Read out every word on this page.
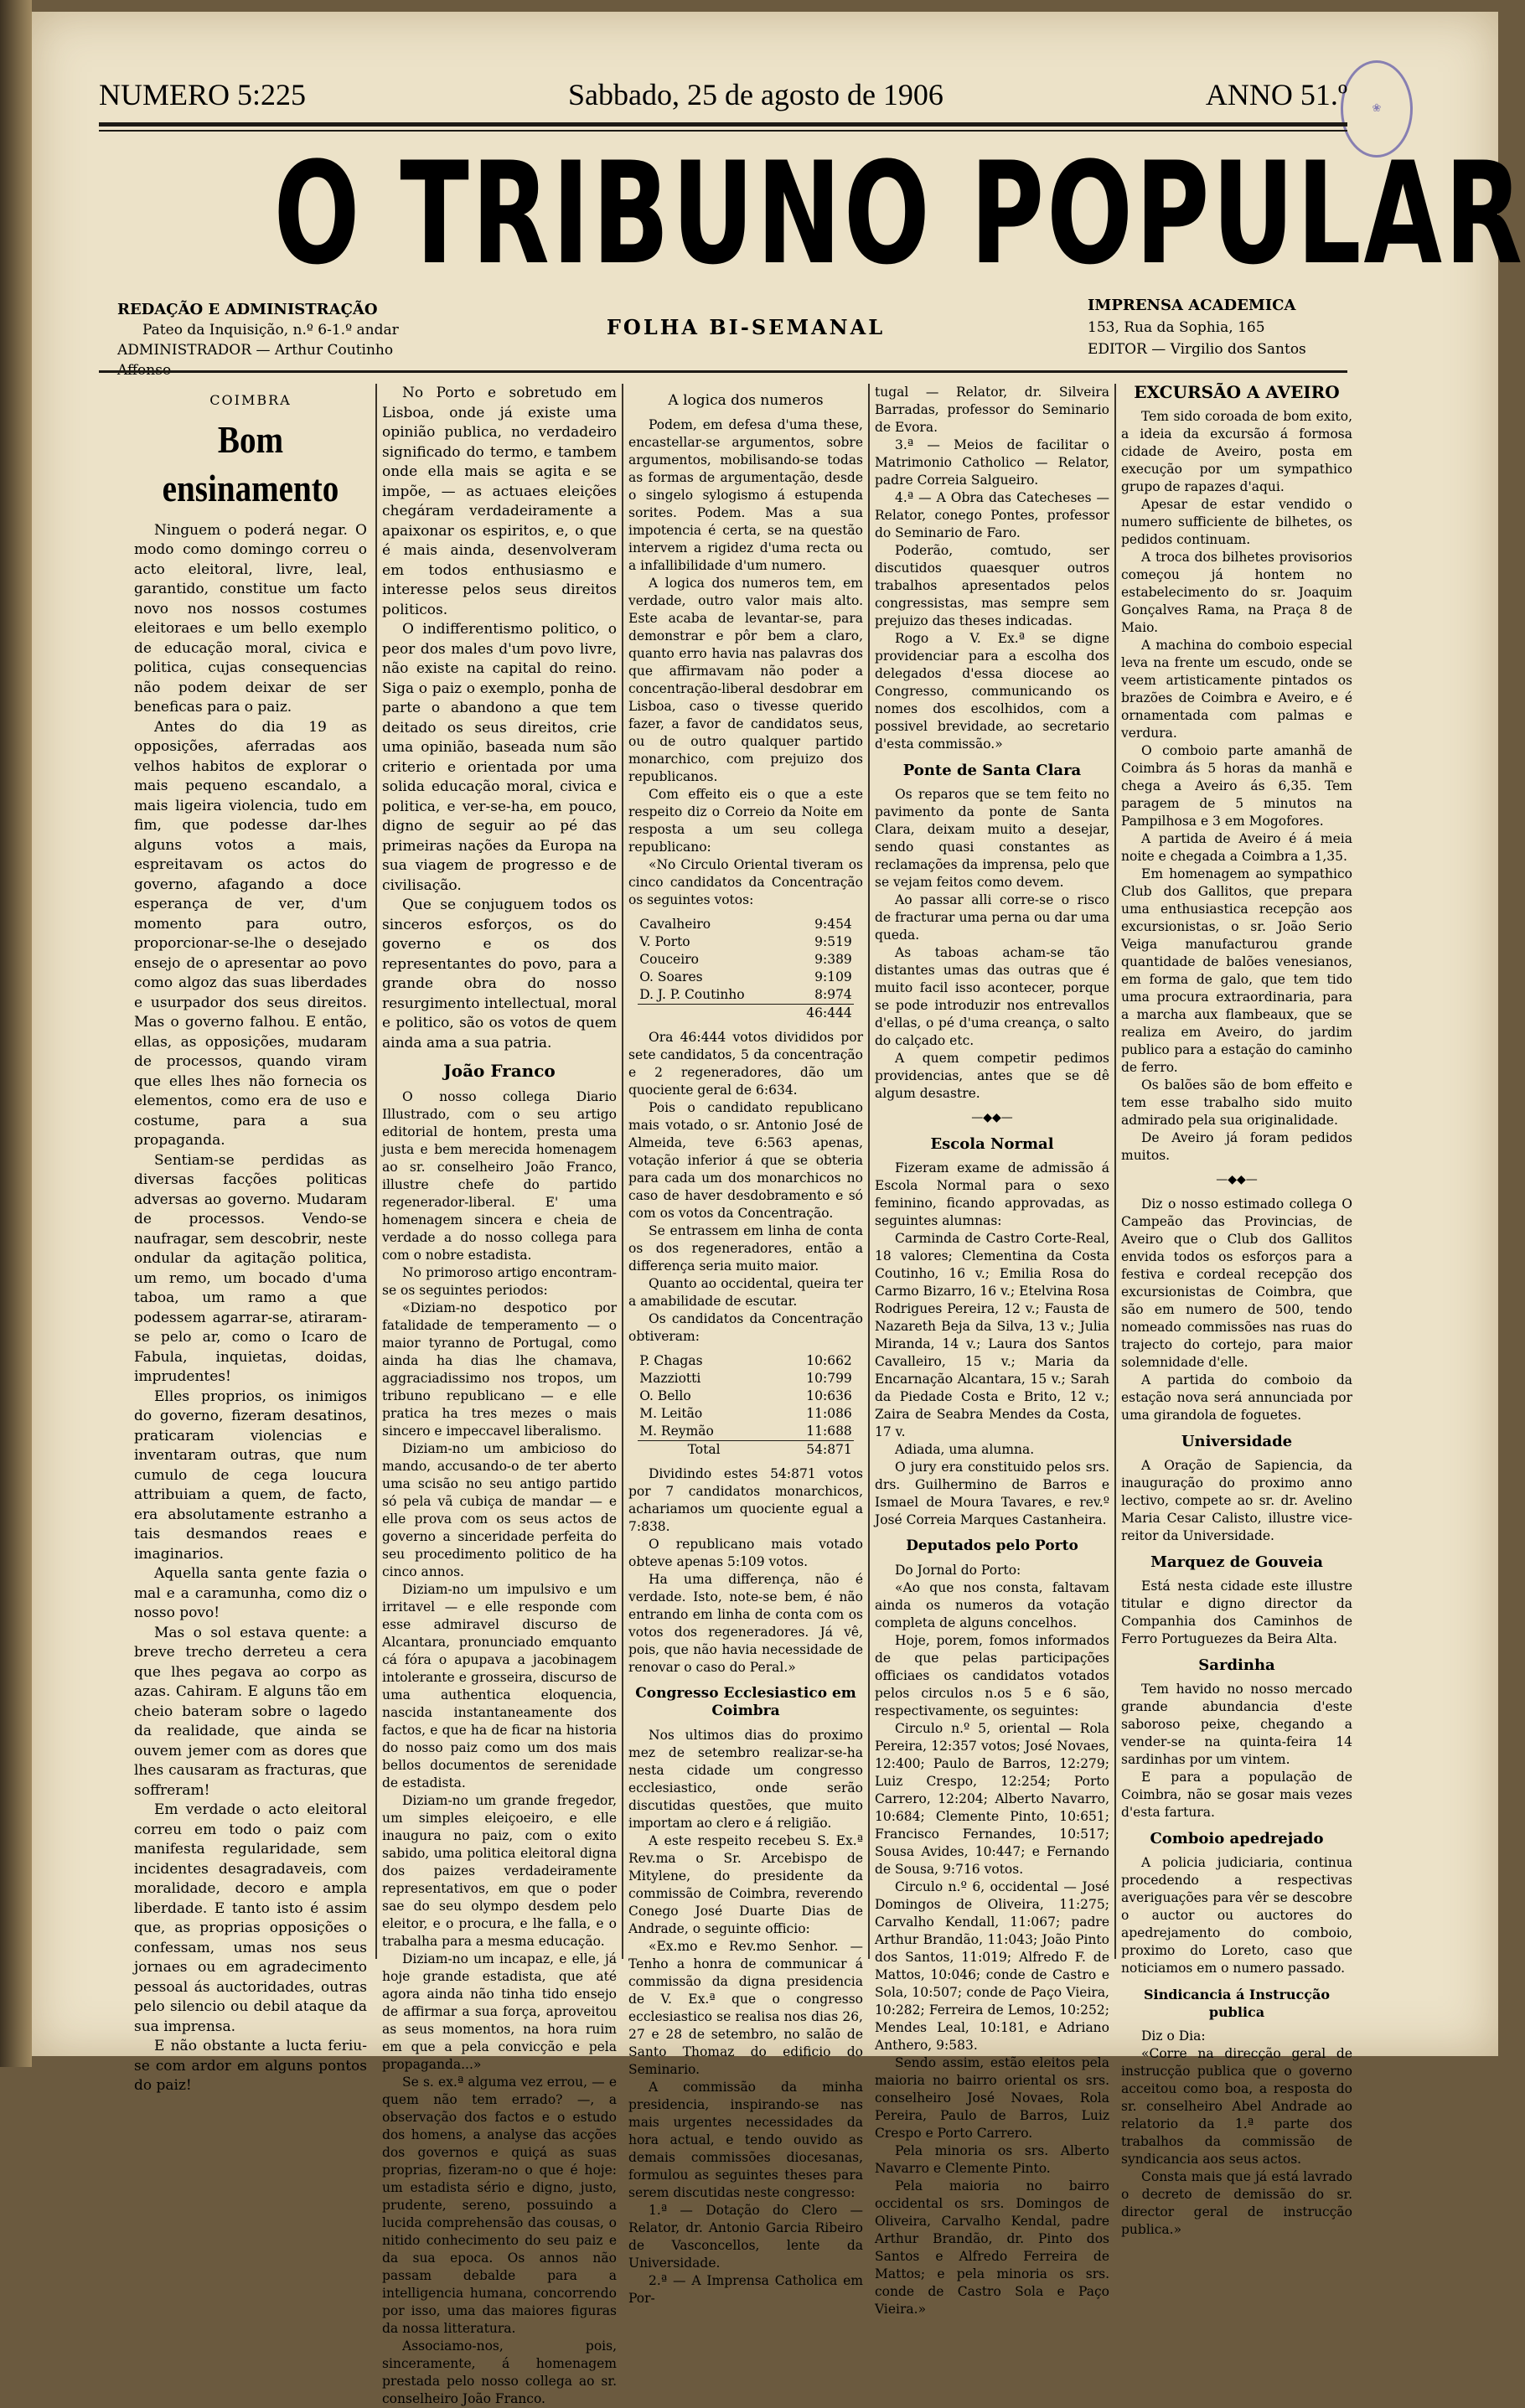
❀
NUMERO 5:225	Sabbado, 25 de agosto de 1906	ANNO 51.º
O TRIBUNO POPULAR
REDAÇÃO E ADMINISTRAÇÃO
Pateo da Inquisição, n.º 6-1.º andar
ADMINISTRADOR — Arthur Coutinho Affonso
FOLHA BI-SEMANAL
IMPRENSA ACADEMICA
153, Rua da Sophia, 165
EDITOR — Virgilio dos Santos
COIMBRA
Bom ensinamento

Ninguem o poderá negar. O modo como domingo correu o acto eleitoral, livre, leal, garantido, constitue um facto novo nos nossos costumes eleitoraes e um bello exemplo de educação moral, civica e politica, cujas consequencias não podem deixar de ser beneficas para o paiz.

Antes do dia 19 as opposições, aferradas aos velhos habitos de explorar o mais pequeno escandalo, a mais ligeira violencia, tudo em fim, que podesse dar-lhes alguns votos a mais, espreitavam os actos do governo, afagando a doce esperança de ver, d'um momento para outro, proporcionar-se-lhe o desejado ensejo de o apresentar ao povo como algoz das suas liberdades e usurpador dos seus direitos. Mas o governo falhou. E então, ellas, as opposições, mudaram de processos, quando viram que elles lhes não fornecia os elementos, como era de uso e costume, para a sua propaganda.

Sentiam-se perdidas as diversas facções politicas adversas ao governo. Mudaram de processos. Vendo-se naufragar, sem descobrir, neste ondular da agitação politica, um remo, um bocado d'uma taboa, um ramo a que podessem agarrar-se, atiraram-se pelo ar, como o Icaro de Fabula, inquietas, doidas, imprudentes!

Elles proprios, os inimigos do governo, fizeram desatinos, praticaram violencias e inventaram outras, que num cumulo de cega loucura attribuiam a quem, de facto, era absolutamente estranho a tais desmandos reaes e imaginarios.

Aquella santa gente fazia o mal e a caramunha, como diz o nosso povo!

Mas o sol estava quente: a breve trecho derreteu a cera que lhes pegava ao corpo as azas. Cahiram. E alguns tão em cheio bateram sobre o lagedo da realidade, que ainda se ouvem jemer com as dores que lhes causaram as fracturas, que soffreram!

Em verdade o acto eleitoral correu em todo o paiz com manifesta regularidade, sem incidentes desagradaveis, com moralidade, decoro e ampla liberdade. E tanto isto é assim que, as proprias opposições o confessam, umas nos seus jornaes ou em agradecimento pessoal ás auctoridades, outras pelo silencio ou debil ataque da sua imprensa.

E não obstante a lucta feriu-se com ardor em alguns pontos do paiz!

No Porto e sobretudo em Lisboa, onde já existe uma opinião publica, no verdadeiro significado do termo, e tambem onde ella mais se agita e se impõe, — as actuaes eleições chegáram verdadeiramente a apaixonar os espiritos, e, o que é mais ainda, desenvolveram em todos enthusiasmo e interesse pelos seus direitos politicos.

O indifferentismo politico, o peor dos males d'um povo livre, não existe na capital do reino. Siga o paiz o exemplo, ponha de parte o abandono a que tem deitado os seus direitos, crie uma opinião, baseada num são criterio e orientada por uma solida educação moral, civica e politica, e ver-se-ha, em pouco, digno de seguir ao pé das primeiras nações da Europa na sua viagem de progresso e de civilisação.

Que se conjuguem todos os sinceros esforços, os do governo e os dos representantes do povo, para a grande obra do nosso resurgimento intellectual, moral e politico, são os votos de quem ainda ama a sua patria.

João Franco

O nosso collega Diario Illustrado, com o seu artigo editorial de hontem, presta uma justa e bem merecida homenagem ao sr. conselheiro João Franco, illustre chefe do partido regenerador-liberal. E' uma homenagem sincera e cheia de verdade a do nosso collega para com o nobre estadista.

No primoroso artigo encontram-se os seguintes periodos:

«Diziam-no despotico por fatalidade de temperamento — o maior tyranno de Portugal, como ainda ha dias lhe chamava, aggraciadissimo nos tropos, um tribuno republicano — e elle pratica ha tres mezes o mais sincero e impeccavel liberalismo.

Diziam-no um ambicioso do mando, accusando-o de ter aberto uma scisão no seu antigo partido só pela vã cubiça de mandar — e elle prova com os seus actos de governo a sinceridade perfeita do seu procedimento politico de ha cinco annos.

Diziam-no um impulsivo e um irritavel — e elle responde com esse admiravel discurso de Alcantara, pronunciado emquanto cá fóra o apupava a jacobinagem intolerante e grosseira, discurso de uma authentica eloquencia, nascida instantaneamente dos factos, e que ha de ficar na historia do nosso paiz como um dos mais bellos documentos de serenidade de estadista.

Diziam-no um grande fregedor, um simples eleiçoeiro, e elle inaugura no paiz, com o exito sabido, uma politica eleitoral digna dos paizes verdadeiramente representativos, em que o poder sae do seu olympo desdem pelo eleitor, e o procura, e lhe falla, e o trabalha para a mesma educação.

Diziam-no um incapaz, e elle, já hoje grande estadista, que até agora ainda não tinha tido ensejo de affirmar a sua força, aproveitou as seus momentos, na hora ruim em que a pela convicção e pela propaganda...»

Se s. ex.ª alguma vez errou, — e quem não tem errado? —, a observação dos factos e o estudo dos homens, a analyse das acções dos governos e quiçá as suas proprias, fizeram-no o que é hoje: um estadista sério e digno, justo, prudente, sereno, possuindo a lucida comprehensão das cousas, o nitido conhecimento do seu paiz e da sua epoca. Os annos não passam debalde para a intelligencia humana, concorrendo por isso, uma das maiores figuras da nossa litteratura.

Associamo-nos, pois, sinceramente, á homenagem prestada pelo nosso collega ao sr. conselheiro João Franco.

A logica dos numeros

Podem, em defesa d'uma these, encastellar-se argumentos, sobre argumentos, mobilisando-se todas as formas de argumentação, desde o singelo sylogismo á estupenda sorites. Podem. Mas a sua impotencia é certa, se na questão intervem a rigidez d'uma recta ou a infallibilidade d'um numero.

A logica dos numeros tem, em verdade, outro valor mais alto. Este acaba de levantar-se, para demonstrar e pôr bem a claro, quanto erro havia nas palavras dos que affirmavam não poder a concentração-liberal desdobrar em Lisboa, caso o tivesse querido fazer, a favor de candidatos seus, ou de outro qualquer partido monarchico, com prejuizo dos republicanos.

Com effeito eis o que a este respeito diz o Correio da Noite em resposta a um seu collega republicano:

«No Circulo Oriental tiveram os cinco candidatos da Concentração os seguintes votos:

Cavalheiro	9:454
V. Porto	9:519
Couceiro	9:389
O. Soares	9:109
D. J. P. Coutinho	8:974
	46:444

Ora 46:444 votos divididos por sete candidatos, 5 da concentração e 2 regeneradores, dão um quociente geral de 6:634.

Pois o candidato republicano mais votado, o sr. Antonio José de Almeida, teve 6:563 apenas, votação inferior á que se obteria para cada um dos monarchicos no caso de haver desdobramento e só com os votos da Concentração.

Se entrassem em linha de conta os dos regeneradores, então a differença seria muito maior.

Quanto ao occidental, queira ter a amabilidade de escutar.

Os candidatos da Concentração obtiveram:

P. Chagas	10:662
Mazziotti	10:799
O. Bello	10:636
M. Leitão	11:086
M. Reymão	11:688
Total	54:871

Dividindo estes 54:871 votos por 7 candidatos monarchicos, achariamos um quociente egual a 7:838.

O republicano mais votado obteve apenas 5:109 votos.

Ha uma differença, não é verdade. Isto, note-se bem, é não entrando em linha de conta com os votos dos regeneradores. Já vê, pois, que não havia necessidade de renovar o caso do Peral.»

Congresso Ecclesiastico em Coimbra

Nos ultimos dias do proximo mez de setembro realizar-se-ha nesta cidade um congresso ecclesiastico, onde serão discutidas questões, que muito importam ao clero e á religião.

A este respeito recebeu S. Ex.ª Rev.ma o Sr. Arcebispo de Mitylene, do presidente da commissão de Coimbra, reverendo Conego José Duarte Dias de Andrade, o seguinte officio:

«Ex.mo e Rev.mo Senhor. — Tenho a honra de communicar á commissão da digna presidencia de V. Ex.ª que o congresso ecclesiastico se realisa nos dias 26, 27 e 28 de setembro, no salão de Santo Thomaz do edificio do Seminario.

A commissão da minha presidencia, inspirando-se nas mais urgentes necessidades da hora actual, e tendo ouvido as demais commissões diocesanas, formulou as seguintes theses para serem discutidas neste congresso:

1.ª — Dotação do Clero — Relator, dr. Antonio Garcia Ribeiro de Vasconcellos, lente da Universidade.

2.ª — A Imprensa Catholica em Por-

tugal — Relator, dr. Silveira Barradas, professor do Seminario de Evora.

3.ª — Meios de facilitar o Matrimonio Catholico — Relator, padre Correia Salgueiro.

4.ª — A Obra das Catecheses — Relator, conego Pontes, professor do Seminario de Faro.

Poderão, comtudo, ser discutidos quaesquer outros trabalhos apresentados pelos congressistas, mas sempre sem prejuizo das theses indicadas.

Rogo a V. Ex.ª se digne providenciar para a escolha dos delegados d'essa diocese ao Congresso, communicando os nomes dos escolhidos, com a possivel brevidade, ao secretario d'esta commissão.»

Ponte de Santa Clara

Os reparos que se tem feito no pavimento da ponte de Santa Clara, deixam muito a desejar, sendo quasi constantes as reclamações da imprensa, pelo que se vejam feitos como devem.

Ao passar alli corre-se o risco de fracturar uma perna ou dar uma queda.

As taboas acham-se tão distantes umas das outras que é muito facil isso acontecer, porque se pode introduzir nos entrevallos d'ellas, o pé d'uma creança, o salto do calçado etc.

A quem competir pedimos providencias, antes que se dê algum desastre.

—◆◆—
Escola Normal

Fizeram exame de admissão á Escola Normal para o sexo feminino, ficando approvadas, as seguintes alumnas:

Carminda de Castro Corte-Real, 18 valores; Clementina da Costa Coutinho, 16 v.; Emilia Rosa do Carmo Bizarro, 16 v.; Etelvina Rosa Rodrigues Pereira, 12 v.; Fausta de Nazareth Beja da Silva, 13 v.; Julia Miranda, 14 v.; Laura dos Santos Cavalleiro, 15 v.; Maria da Encarnação Alcantara, 15 v.; Sarah da Piedade Costa e Brito, 12 v.; Zaira de Seabra Mendes da Costa, 17 v.

Adiada, uma alumna.

O jury era constituido pelos srs. drs. Guilhermino de Barros e Ismael de Moura Tavares, e rev.º José Correia Marques Castanheira.

Deputados pelo Porto

Do Jornal do Porto:

«Ao que nos consta, faltavam ainda os numeros da votação completa de alguns concelhos.

Hoje, porem, fomos informados de que pelas participações officiaes os candidatos votados pelos circulos n.os 5 e 6 são, respectivamente, os seguintes:

Circulo n.º 5, oriental — Rola Pereira, 12:357 votos; José Novaes, 12:400; Paulo de Barros, 12:279; Luiz Crespo, 12:254; Porto Carrero, 12:204; Alberto Navarro, 10:684; Clemente Pinto, 10:651; Francisco Fernandes, 10:517; Sousa Avides, 10:447; e Fernando de Sousa, 9:716 votos.

Circulo n.º 6, occidental — José Domingos de Oliveira, 11:275; Carvalho Kendall, 11:067; padre Arthur Brandão, 11:043; João Pinto dos Santos, 11:019; Alfredo F. de Mattos, 10:046; conde de Castro e Sola, 10:507; conde de Paço Vieira, 10:282; Ferreira de Lemos, 10:252; Mendes Leal, 10:181, e Adriano Anthero, 9:583.

Sendo assim, estão eleitos pela maioria no bairro oriental os srs. conselheiro José Novaes, Rola Pereira, Paulo de Barros, Luiz Crespo e Porto Carrero.

Pela minoria os srs. Alberto Navarro e Clemente Pinto.

Pela maioria no bairro occidental os srs. Domingos de Oliveira, Carvalho Kendal, padre Arthur Brandão, dr. Pinto dos Santos e Alfredo Ferreira de Mattos; e pela minoria os srs. conde de Castro Sola e Paço Vieira.»

EXCURSÃO A AVEIRO

Tem sido coroada de bom exito, a ideia da excursão á formosa cidade de Aveiro, posta em execução por um sympathico grupo de rapazes d'aqui.

Apesar de estar vendido o numero sufficiente de bilhetes, os pedidos continuam.

A troca dos bilhetes provisorios começou já hontem no estabelecimento do sr. Joaquim Gonçalves Rama, na Praça 8 de Maio.

A machina do comboio especial leva na frente um escudo, onde se veem artisticamente pintados os brazões de Coimbra e Aveiro, e é ornamentada com palmas e verdura.

O comboio parte amanhã de Coimbra ás 5 horas da manhã e chega a Aveiro ás 6,35. Tem paragem de 5 minutos na Pampilhosa e 3 em Mogofores.

A partida de Aveiro é á meia noite e chegada a Coimbra a 1,35.

Em homenagem ao sympathico Club dos Gallitos, que prepara uma enthusiastica recepção aos excursionistas, o sr. João Serio Veiga manufacturou grande quantidade de balões venesianos, em forma de galo, que tem tido uma procura extraordinaria, para a marcha aux flambeaux, que se realiza em Aveiro, do jardim publico para a estação do caminho de ferro.

Os balões são de bom effeito e tem esse trabalho sido muito admirado pela sua originalidade.

De Aveiro já foram pedidos muitos.

—◆◆—

Diz o nosso estimado collega O Campeão das Provincias, de Aveiro que o Club dos Gallitos envida todos os esforços para a festiva e cordeal recepção dos excursionistas de Coimbra, que são em numero de 500, tendo nomeado commissões nas ruas do trajecto do cortejo, para maior solemnidade d'elle.

A partida do comboio da estação nova será annunciada por uma girandola de foguetes.

Universidade

A Oração de Sapiencia, da inauguração do proximo anno lectivo, compete ao sr. dr. Avelino Maria Cesar Calisto, illustre vice-reitor da Universidade.

Marquez de Gouveia

Está nesta cidade este illustre titular e digno director da Companhia dos Caminhos de Ferro Portuguezes da Beira Alta.

Sardinha

Tem havido no nosso mercado grande abundancia d'este saboroso peixe, chegando a vender-se na quinta-feira 14 sardinhas por um vintem.

E para a população de Coimbra, não se gosar mais vezes d'esta fartura.

Comboio apedrejado

A policia judiciaria, continua procedendo a respectivas averiguações para vêr se descobre o auctor ou auctores do apedrejamento do comboio, proximo do Loreto, caso que noticiamos em o numero passado.

Sindicancia á Instrucção publica

Diz o Dia:

«Corre na direcção geral de instrucção publica que o governo acceitou como boa, a resposta do sr. conselheiro Abel Andrade ao relatorio da 1.ª parte dos trabalhos da commissão de syndicancia aos seus actos.

Consta mais que já está lavrado o decreto de demissão do sr. director geral de instrucção publica.»
